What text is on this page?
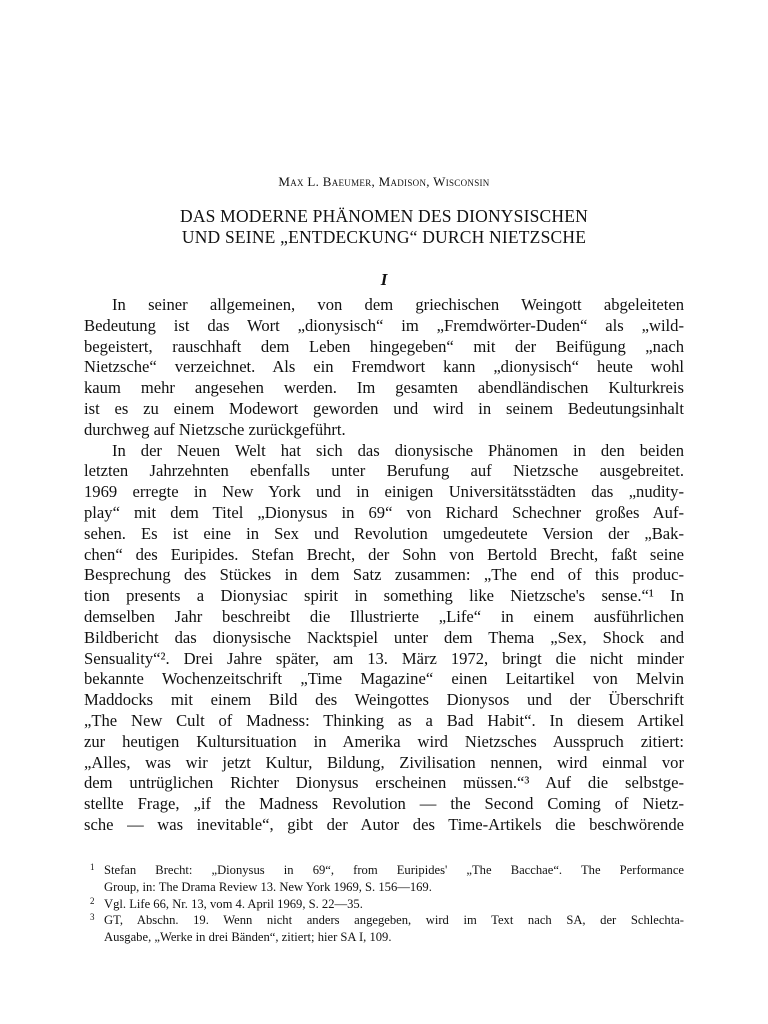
Max L. Baeumer, Madison, Wisconsin
DAS MODERNE PHÄNOMEN DES DIONYSISCHEN
UND SEINE „ENTDECKUNG“ DURCH NIETZSCHE
I
In seiner allgemeinen, von dem griechischen Weingott abgeleiteten
Bedeutung ist das Wort „dionysisch“ im „Fremdwörter-Duden“ als „wild-
begeistert, rauschhaft dem Leben hingegeben“ mit der Beifügung „nach
Nietzsche“ verzeichnet. Als ein Fremdwort kann „dionysisch“ heute wohl
kaum mehr angesehen werden. Im gesamten abendländischen Kulturkreis
ist es zu einem Modewort geworden und wird in seinem Bedeutungsinhalt
durchweg auf Nietzsche zurückgeführt.
In der Neuen Welt hat sich das dionysische Phänomen in den beiden
letzten Jahrzehnten ebenfalls unter Berufung auf Nietzsche ausgebreitet.
1969 erregte in New York und in einigen Universitätsstädten das „nudity-
play“ mit dem Titel „Dionysus in 69“ von Richard Schechner großes Auf-
sehen. Es ist eine in Sex und Revolution umgedeutete Version der „Bak-
chen“ des Euripides. Stefan Brecht, der Sohn von Bertold Brecht, faßt seine
Besprechung des Stückes in dem Satz zusammen: „The end of this produc-
tion presents a Dionysiac spirit in something like Nietzsche's sense.“¹ In
demselben Jahr beschreibt die Illustrierte „Life“ in einem ausführlichen
Bildbericht das dionysische Nacktspiel unter dem Thema „Sex, Shock and
Sensuality“². Drei Jahre später, am 13. März 1972, bringt die nicht minder
bekannte Wochenzeitschrift „Time Magazine“ einen Leitartikel von Melvin
Maddocks mit einem Bild des Weingottes Dionysos und der Überschrift
„The New Cult of Madness: Thinking as a Bad Habit“. In diesem Artikel
zur heutigen Kultursituation in Amerika wird Nietzsches Ausspruch zitiert:
„Alles, was wir jetzt Kultur, Bildung, Zivilisation nennen, wird einmal vor
dem untrüglichen Richter Dionysus erscheinen müssen.“³ Auf die selbstge-
stellte Frage, „if the Madness Revolution — the Second Coming of Nietz-
sche — was inevitable“, gibt der Autor des Time-Artikels die beschwörende
1 Stefan Brecht: „Dionysus in 69“, from Euripides' „The Bacchae“. The Performance
Group, in: The Drama Review 13. New York 1969, S. 156—169.
2 Vgl. Life 66, Nr. 13, vom 4. April 1969, S. 22—35.
3 GT, Abschn. 19. Wenn nicht anders angegeben, wird im Text nach SA, der Schlechta-
Ausgabe, „Werke in drei Bänden“, zitiert; hier SA I, 109.
